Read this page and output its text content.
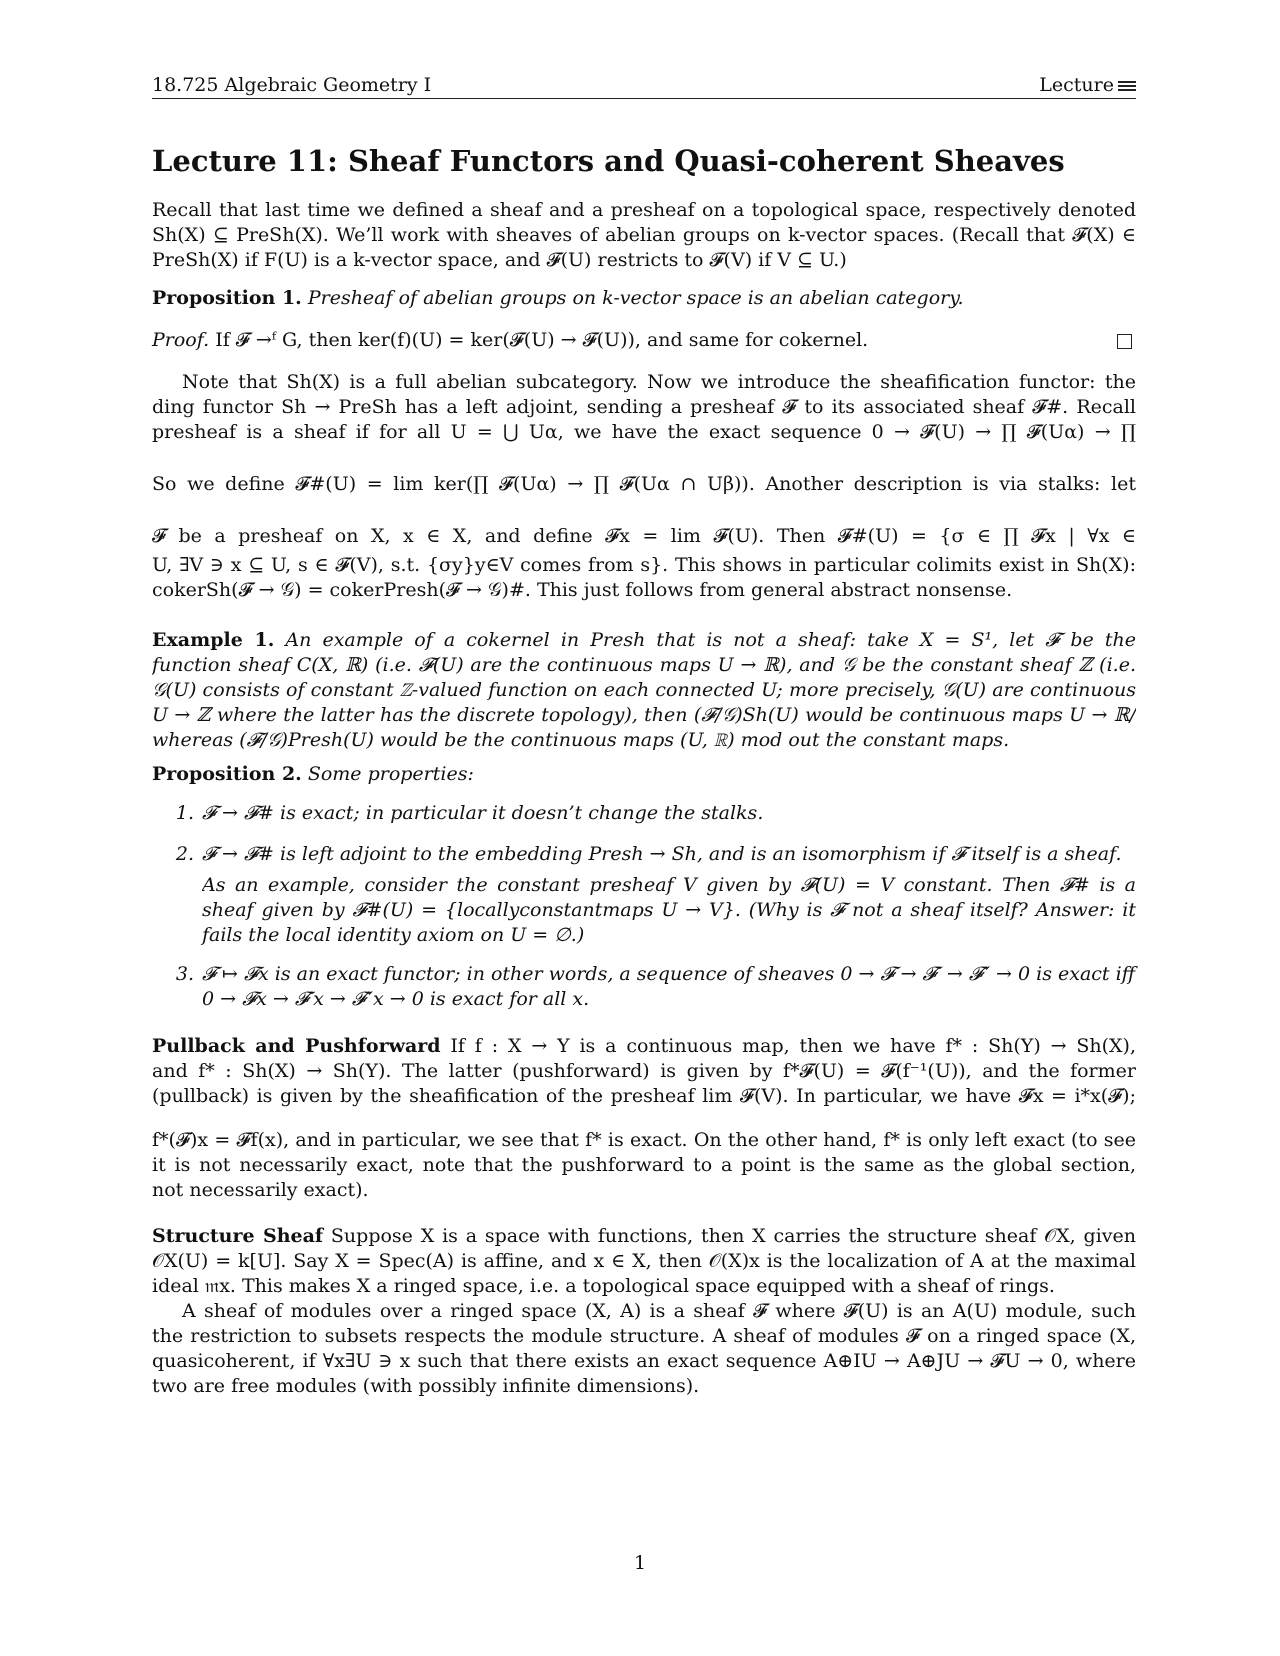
18.725 Algebraic Geometry I	Lecture
Lecture 11: Sheaf Functors and Quasi-coherent Sheaves
Recall that last time we defined a sheaf and a presheaf on a topological space, respectively denoted
Sh(X) ⊆ PreSh(X). We’ll work with sheaves of abelian groups on k-vector spaces. (Recall that 𝓕(X) ∈
PreSh(X) if F(U) is a k-vector space, and 𝓕(U) restricts to 𝓕(V) if V ⊆ U.)
Proposition 1. Presheaf of abelian groups on k-vector space is an abelian category.
Proof. If 𝓕 →ᶠ G, then ker(f)(U) = ker(𝓕(U) → 𝓕(U)), and same for cokernel.
Note that Sh(X) is a full abelian subcategory. Now we introduce the sheafification functor: the
ding functor Sh → PreSh has a left adjoint, sending a presheaf 𝓕 to its associated sheaf 𝓕#. Recall
presheaf is a sheaf if for all U = ⋃ Uα, we have the exact sequence 0 → 𝓕(U) → ∏ 𝓕(Uα) → ∏
So we define 𝓕#(U) = lim ker(∏ 𝓕(Uα) → ∏ 𝓕(Uα ∩ Uβ)). Another description is via stalks: let
𝓕 be a presheaf on X, x ∈ X, and define 𝓕x = lim 𝓕(U). Then 𝓕#(U) = {σ ∈ ∏ 𝓕x | ∀x ∈
U, ∃V ∋ x ⊆ U, s ∈ 𝓕(V), s.t. {σy}y∈V comes from s}. This shows in particular colimits exist in Sh(X):
cokerSh(𝓕 → 𝒢) = cokerPresh(𝓕 → 𝒢)#. This just follows from general abstract nonsense.
Example 1. An example of a cokernel in Presh that is not a sheaf: take X = S¹, let 𝓕 be the
function sheaf C(X, ℝ) (i.e. 𝓕(U) are the continuous maps U → ℝ), and 𝒢 be the constant sheaf ℤ (i.e.
𝒢(U) consists of constant ℤ-valued function on each connected U; more precisely, 𝒢(U) are continuous
U → ℤ where the latter has the discrete topology), then (𝓕/𝒢)Sh(U) would be continuous maps U → ℝ/
whereas (𝓕/𝒢)Presh(U) would be the continuous maps (U, ℝ) mod out the constant maps.
Proposition 2. Some properties:
1. 𝓕 → 𝓕# is exact; in particular it doesn’t change the stalks.
2. 𝓕 → 𝓕# is left adjoint to the embedding Presh → Sh, and is an isomorphism if 𝓕 itself is a sheaf.
As an example, consider the constant presheaf V given by 𝓕(U) = V constant. Then 𝓕# is a
sheaf given by 𝓕#(U) = {locallyconstantmaps U → V}. (Why is 𝓕 not a sheaf itself? Answer: it
fails the local identity axiom on U = ∅.)
3. 𝓕 ↦ 𝓕x is an exact functor; in other words, a sequence of sheaves 0 → 𝓕 → 𝓕′ → 𝓕″ → 0 is exact iff
0 → 𝓕x → 𝓕′x → 𝓕″x → 0 is exact for all x.
Pullback and Pushforward If f : X → Y is a continuous map, then we have f* : Sh(Y) → Sh(X),
and f* : Sh(X) → Sh(Y). The latter (pushforward) is given by f*𝓕(U) = 𝓕(f⁻¹(U)), and the former
(pullback) is given by the sheafification of the presheaf lim 𝓕(V). In particular, we have 𝓕x = i*x(𝓕);
f*(𝓕)x = 𝓕f(x), and in particular, we see that f* is exact. On the other hand, f* is only left exact (to see
it is not necessarily exact, note that the pushforward to a point is the same as the global section,
not necessarily exact).
Structure Sheaf Suppose X is a space with functions, then X carries the structure sheaf 𝒪X, given
𝒪X(U) = k[U]. Say X = Spec(A) is affine, and x ∈ X, then 𝒪(X)x is the localization of A at the maximal
ideal 𝔪x. This makes X a ringed space, i.e. a topological space equipped with a sheaf of rings.
A sheaf of modules over a ringed space (X, A) is a sheaf 𝓕 where 𝓕(U) is an A(U) module, such
the restriction to subsets respects the module structure. A sheaf of modules 𝓕 on a ringed space (X,
quasicoherent, if ∀x∃U ∋ x such that there exists an exact sequence A⊕IU → A⊕JU → 𝓕U → 0, where
two are free modules (with possibly infinite dimensions).
1
